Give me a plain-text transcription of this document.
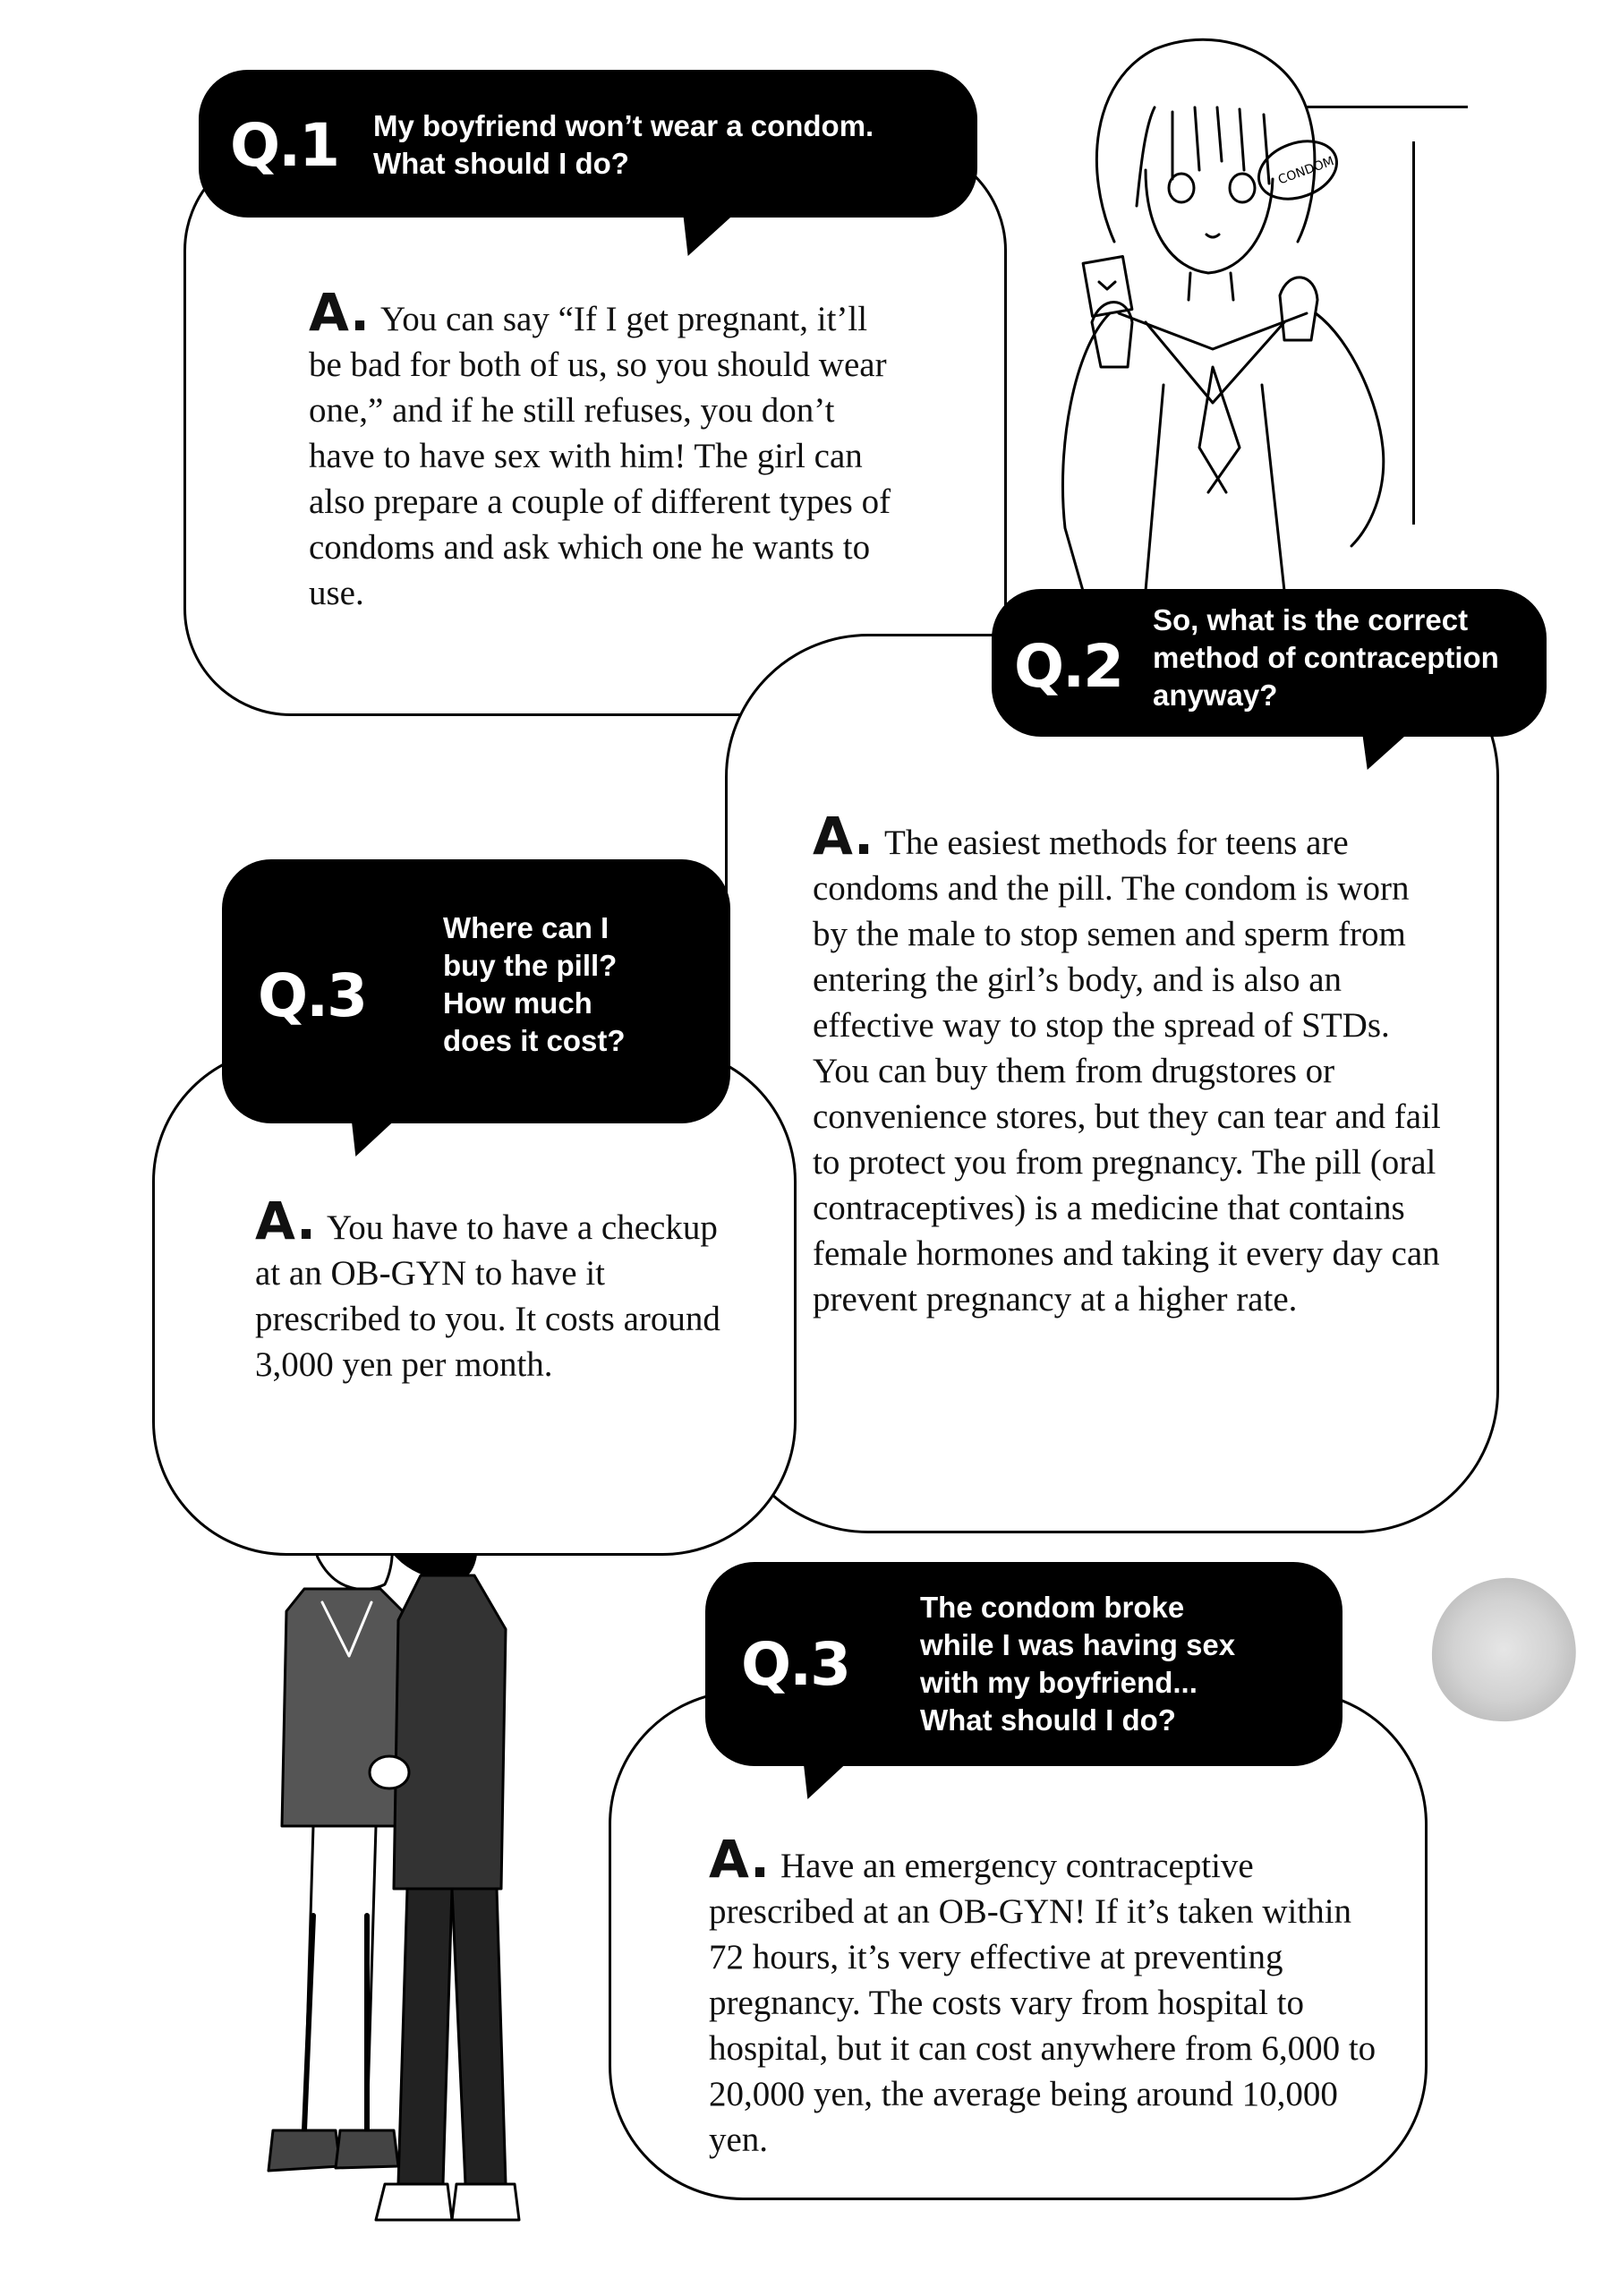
CONDOM
Q.1 My boyfriend won’t wear a condom.
What should I do?

A. You can say “If I get pregnant, it’ll be bad for both of us, so you should wear one,” and if he still refuses, you don’t have to have sex with him! The girl can also prepare a couple of different types of condoms and ask which one he wants to use.

Q.2
So, what is the correct
method of contraception
anyway?

A. The easiest methods for teens are condoms and the pill. The condom is worn by the male to stop semen and sperm from entering the girl’s body, and is also an effective way to stop the spread of STDs. You can buy them from drugstores or convenience stores, but they can tear and fail to protect you from pregnancy. The pill (oral contraceptives) is a medicine that contains female hormones and taking it every day can prevent pregnancy at a higher rate.

Q.3
Where can I
buy the pill?
How much
does it cost?

A. You have to have a checkup at an OB-GYN to have it prescribed to you. It costs around 3,000 yen per month.

Q.3
The condom broke
while I was having sex
with my boyfriend...
What should I do?

A. Have an emergency contraceptive prescribed at an OB-GYN! If it’s taken within 72 hours, it’s very effective at preventing pregnancy. The costs vary from hospital to hospital, but it can cost anywhere from 6,000 to 20,000 yen, the average being around 10,000 yen.
